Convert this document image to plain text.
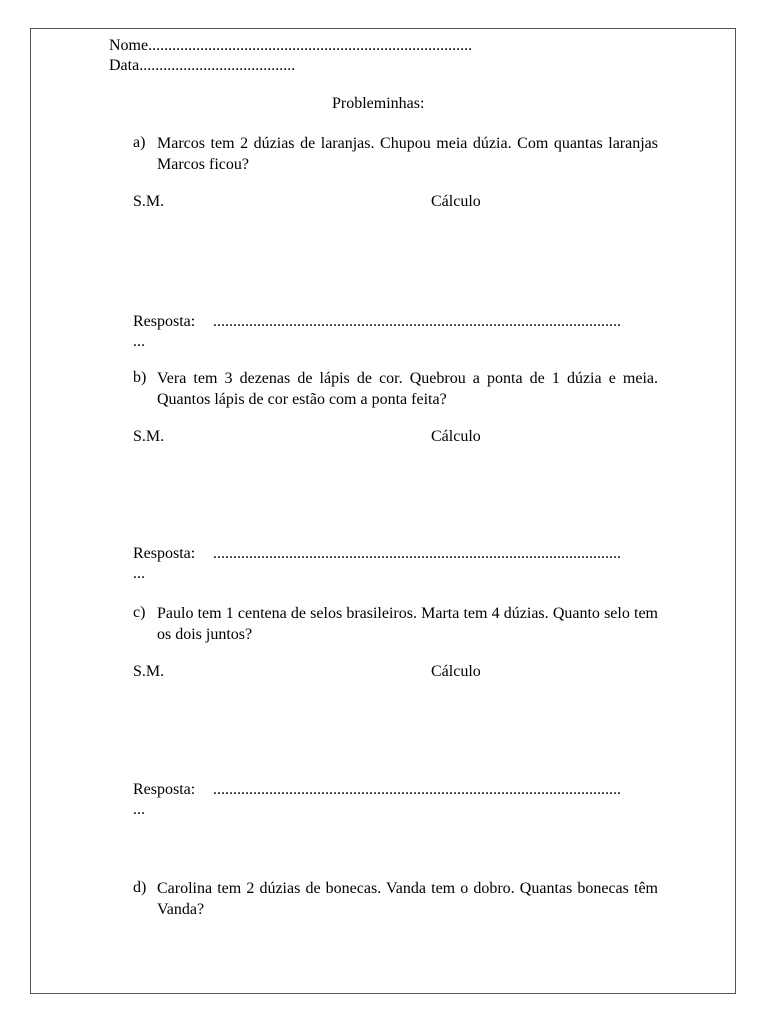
Nome.................................................................................
Data.......................................
Probleminhas:
a) Marcos tem 2 dúzias de laranjas. Chupou meia dúzia. Com quantas laranjas Marcos ficou?
S.M.	Cálculo
Resposta: ......................................................................................................
...
b) Vera tem 3 dezenas de lápis de cor. Quebrou a ponta de 1 dúzia e meia. Quantos lápis de cor estão com a ponta feita?
S.M.	Cálculo
Resposta: ......................................................................................................
...
c) Paulo tem 1 centena de selos brasileiros. Marta tem 4 dúzias. Quanto selo tem os dois juntos?
S.M.	Cálculo
Resposta: ......................................................................................................
...
d) Carolina tem 2 dúzias de bonecas. Vanda tem o dobro. Quantas bonecas têm Vanda?
